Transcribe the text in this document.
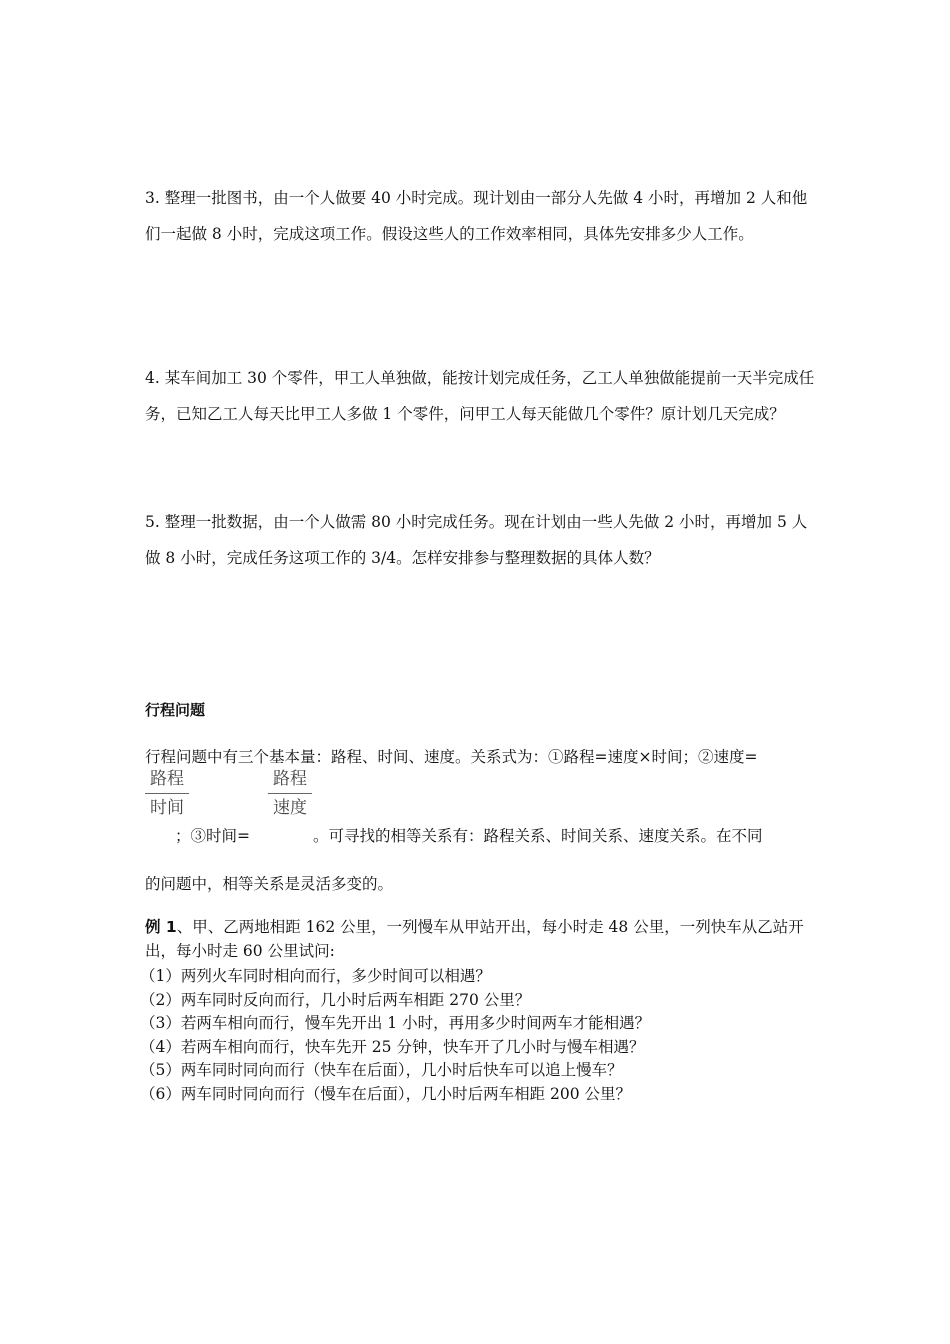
3. 整理一批图书，由一个人做要 40 小时完成。现计划由一部分人先做 4 小时，再增加 2 人和他们一起做 8 小时，完成这项工作。假设这些人的工作效率相同，具体先安排多少人工作。

4. 某车间加工 30 个零件，甲工人单独做，能按计划完成任务，乙工人单独做能提前一天半完成任务，已知乙工人每天比甲工人多做 1 个零件，问甲工人每天能做几个零件？原计划几天完成？

5. 整理一批数据，由一个人做需 80 小时完成任务。现在计划由一些人先做 2 小时，再增加 5 人做 8 小时，完成任务这项工作的 3/4。怎样安排参与整理数据的具体人数？

行程问题
行程问题中有三个基本量：路程、时间、速度。关系式为：①路程=速度×时间；②速度=
路程
时间
路程
速度
；③时间=	。可寻找的相等关系有：路程关系、时间关系、速度关系。在不同
的问题中，相等关系是灵活多变的。
例 1、甲、乙两地相距 162 公里，一列慢车从甲站开出，每小时走 48 公里，一列快车从乙站开出，每小时走 60 公里试问:
（1）两列火车同时相向而行，多少时间可以相遇？
（2）两车同时反向而行，几小时后两车相距 270 公里？
（3）若两车相向而行，慢车先开出 1 小时，再用多少时间两车才能相遇？
（4）若两车相向而行，快车先开 25 分钟，快车开了几小时与慢车相遇？
（5）两车同时同向而行（快车在后面），几小时后快车可以追上慢车？
（6）两车同时同向而行（慢车在后面），几小时后两车相距 200 公里？
